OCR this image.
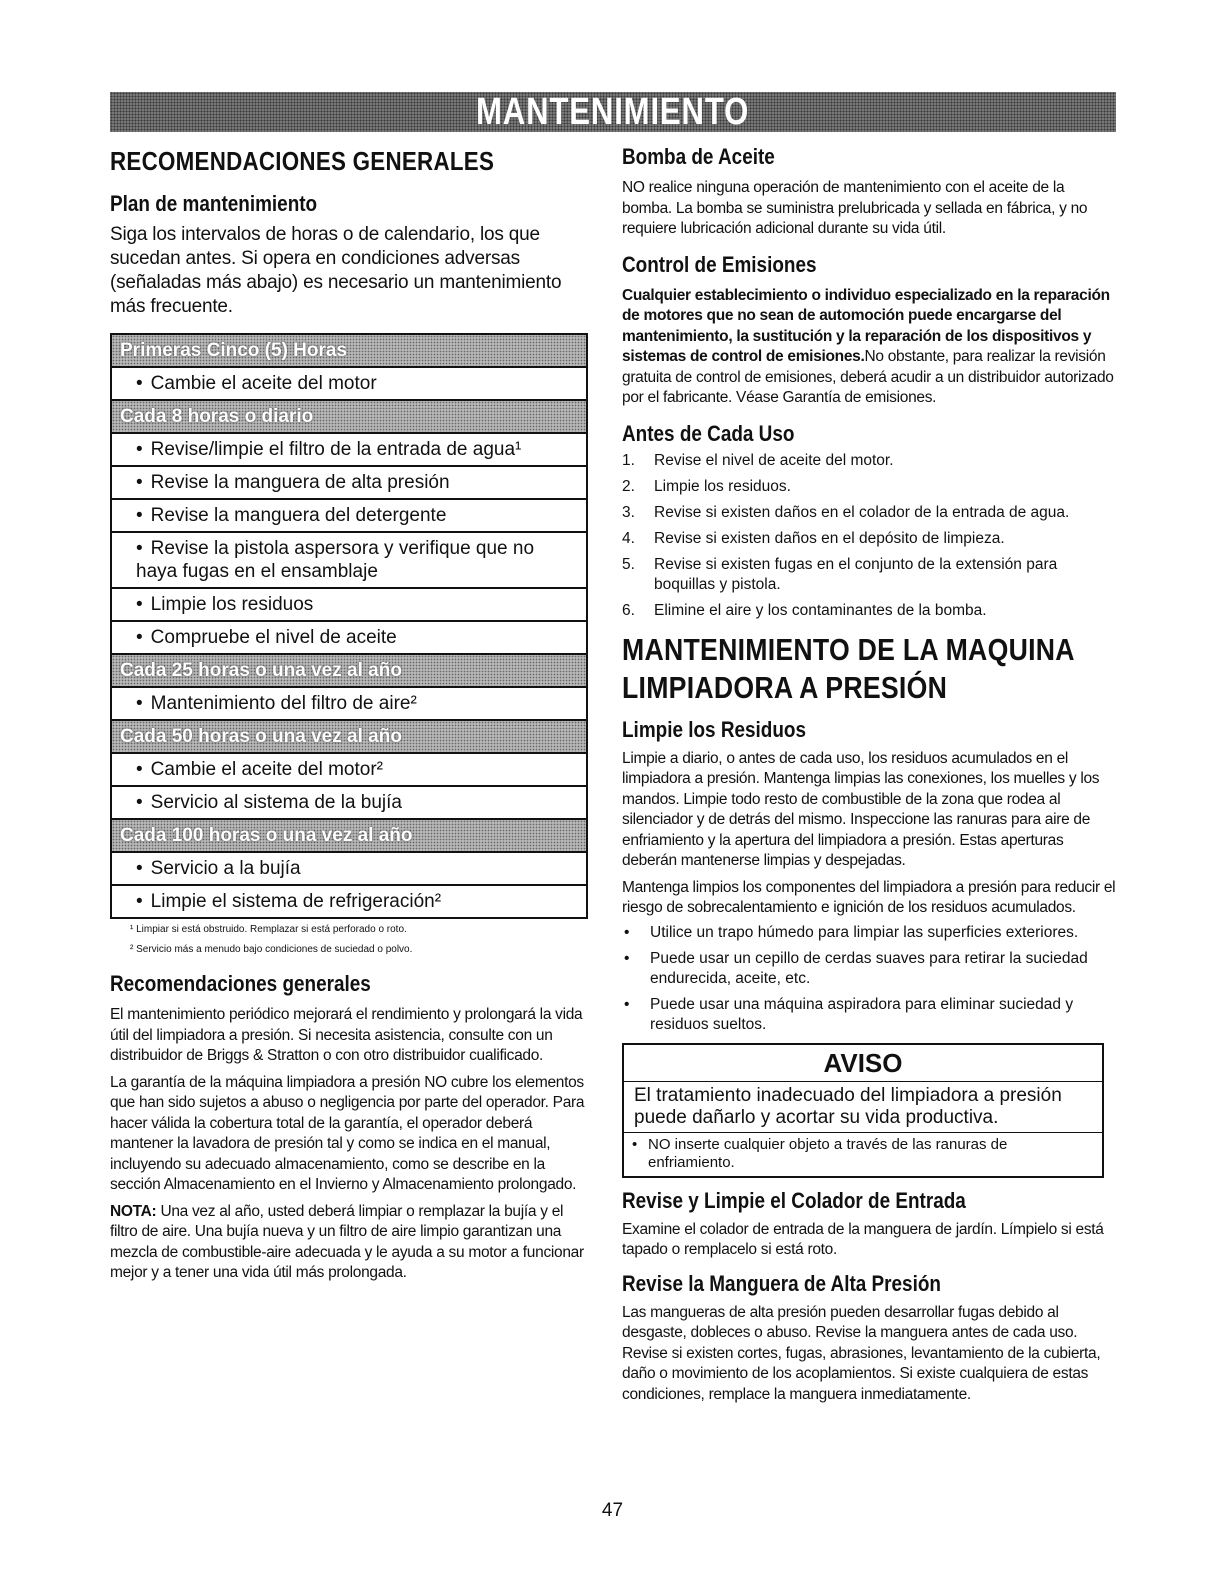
MANTENIMIENTO
RECOMENDACIONES GENERALES
Plan de mantenimiento

Siga los intervalos de horas o de calendario, los que sucedan antes. Si opera en condiciones adversas (señaladas más abajo) es necesario un mantenimiento más frecuente.

Primeras Cinco (5) Horas
• Cambie el aceite del motor
Cada 8 horas o diario
• Revise/limpie el filtro de la entrada de agua¹
• Revise la manguera de alta presión
• Revise la manguera del detergente
• Revise la pistola aspersora y verifique que no haya fugas en el ensamblaje
• Limpie los residuos
• Compruebe el nivel de aceite
Cada 25 horas o una vez al año
• Mantenimiento del filtro de aire²
Cada 50 horas o una vez al año
• Cambie el aceite del motor²
• Servicio al sistema de la bujía
Cada 100 horas o una vez al año
• Servicio a la bujía
• Limpie el sistema de refrigeración²

¹ Limpiar si está obstruido. Remplazar si está perforado o roto.

² Servicio más a menudo bajo condiciones de suciedad o polvo.

Recomendaciones generales

El mantenimiento periódico mejorará el rendimiento y prolongará la vida útil del limpiadora a presión. Si necesita asistencia, consulte con un distribuidor de Briggs & Stratton o con otro distribuidor cualificado.

La garantía de la máquina limpiadora a presión NO cubre los elementos que han sido sujetos a abuso o negligencia por parte del operador. Para hacer válida la cobertura total de la garantía, el operador deberá mantener la lavadora de presión tal y como se indica en el manual, incluyendo su adecuado almacenamiento, como se describe en la sección Almacenamiento en el Invierno y Almacenamiento prolongado.

NOTA: Una vez al año, usted deberá limpiar o remplazar la bujía y el filtro de aire. Una bujía nueva y un filtro de aire limpio garantizan una mezcla de combustible-aire adecuada y le ayuda a su motor a funcionar mejor y a tener una vida útil más prolongada.

Bomba de Aceite

NO realice ninguna operación de mantenimiento con el aceite de la bomba. La bomba se suministra prelubricada y sellada en fábrica, y no requiere lubricación adicional durante su vida útil.

Control de Emisiones

Cualquier establecimiento o individuo especializado en la reparación de motores que no sean de automoción puede encargarse del mantenimiento, la sustitución y la reparación de los dispositivos y sistemas de control de emisiones.No obstante, para realizar la revisión gratuita de control de emisiones, deberá acudir a un distribuidor autorizado por el fabricante. Véase Garantía de emisiones.

Antes de Cada Uso
1. Revise el nivel de aceite del motor.
2. Limpie los residuos.
3. Revise si existen daños en el colador de la entrada de agua.
4. Revise si existen daños en el depósito de limpieza.
5. Revise si existen fugas en el conjunto de la extensión para boquillas y pistola.
6. Elimine el aire y los contaminantes de la bomba.
MANTENIMIENTO DE LA MAQUINA LIMPIADORA A PRESIÓN
Limpie los Residuos

Limpie a diario, o antes de cada uso, los residuos acumulados en el limpiadora a presión. Mantenga limpias las conexiones, los muelles y los mandos. Limpie todo resto de combustible de la zona que rodea al silenciador y de detrás del mismo. Inspeccione las ranuras para aire de enfriamiento y la apertura del limpiadora a presión. Estas aperturas deberán mantenerse limpias y despejadas.

Mantenga limpios los componentes del limpiadora a presión para reducir el riesgo de sobrecalentamiento e ignición de los residuos acumulados.

• Utilice un trapo húmedo para limpiar las superficies exteriores.
• Puede usar un cepillo de cerdas suaves para retirar la suciedad endurecida, aceite, etc.
• Puede usar una máquina aspiradora para eliminar suciedad y residuos sueltos.
AVISO
El tratamiento inadecuado del limpiadora a presión puede dañarlo y acortar su vida productiva.
• NO inserte cualquier objeto a través de las ranuras de enfriamiento.
Revise y Limpie el Colador de Entrada

Examine el colador de entrada de la manguera de jardín. Límpielo si está tapado o remplacelo si está roto.

Revise la Manguera de Alta Presión

Las mangueras de alta presión pueden desarrollar fugas debido al desgaste, dobleces o abuso. Revise la manguera antes de cada uso. Revise si existen cortes, fugas, abrasiones, levantamiento de la cubierta, daño o movimiento de los acoplamientos. Si existe cualquiera de estas condiciones, remplace la manguera inmediatamente.

47
